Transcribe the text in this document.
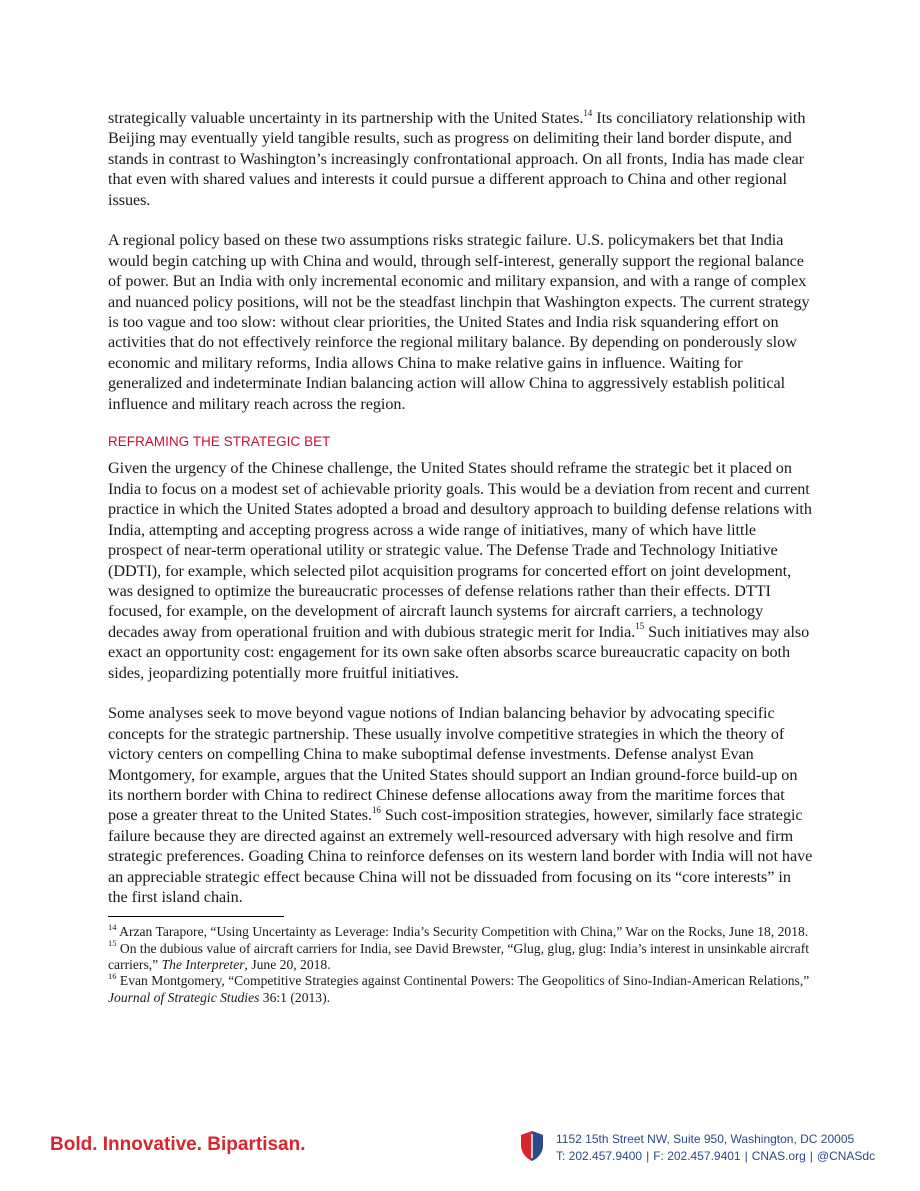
strategically valuable uncertainty in its partnership with the United States.$^{14}$ Its conciliatory relationship with Beijing may eventually yield tangible results, such as progress on delimiting their land border dispute, and stands in contrast to Washington’s increasingly confrontational approach. On all fronts, India has made clear that even with shared values and interests it could pursue a different approach to China and other regional issues.

A regional policy based on these two assumptions risks strategic failure. U.S. policymakers bet that India would begin catching up with China and would, through self-interest, generally support the regional balance of power. But an India with only incremental economic and military expansion, and with a range of complex and nuanced policy positions, will not be the steadfast linchpin that Washington expects. The current strategy is too vague and too slow: without clear priorities, the United States and India risk squandering effort on activities that do not effectively reinforce the regional military balance. By depending on ponderously slow economic and military reforms, India allows China to make relative gains in influence. Waiting for generalized and indeterminate Indian balancing action will allow China to aggressively establish political influence and military reach across the region.

REFRAMING THE STRATEGIC BET

Given the urgency of the Chinese challenge, the United States should reframe the strategic bet it placed on India to focus on a modest set of achievable priority goals. This would be a deviation from recent and current practice in which the United States adopted a broad and desultory approach to building defense relations with India, attempting and accepting progress across a wide range of initiatives, many of which have little prospect of near-term operational utility or strategic value. The Defense Trade and Technology Initiative (DDTI), for example, which selected pilot acquisition programs for concerted effort on joint development, was designed to optimize the bureaucratic processes of defense relations rather than their effects. DTTI focused, for example, on the development of aircraft launch systems for aircraft carriers, a technology decades away from operational fruition and with dubious strategic merit for India.$^{15}$ Such initiatives may also exact an opportunity cost: engagement for its own sake often absorbs scarce bureaucratic capacity on both sides, jeopardizing potentially more fruitful initiatives.

Some analyses seek to move beyond vague notions of Indian balancing behavior by advocating specific concepts for the strategic partnership. These usually involve competitive strategies in which the theory of victory centers on compelling China to make suboptimal defense investments. Defense analyst Evan Montgomery, for example, argues that the United States should support an Indian ground-force build-up on its northern border with China to redirect Chinese defense allocations away from the maritime forces that pose a greater threat to the United States.$^{16}$ Such cost-imposition strategies, however, similarly face strategic failure because they are directed against an extremely well-resourced adversary with high resolve and firm strategic preferences. Goading China to reinforce defenses on its western land border with India will not have an appreciable strategic effect because China will not be dissuaded from focusing on its “core interests” in the first island chain.

$^{14}$ Arzan Tarapore, “Using Uncertainty as Leverage: India’s Security Competition with China,” War on the Rocks, June 18, 2018.

$^{15}$ On the dubious value of aircraft carriers for India, see David Brewster, “Glug, glug, glug: India’s interest in unsinkable aircraft carriers,” The Interpreter, June 20, 2018.

$^{16}$ Evan Montgomery, “Competitive Strategies against Continental Powers: The Geopolitics of Sino-Indian-American Relations,” Journal of Strategic Studies 36:1 (2013).

Bold. Innovative. Bipartisan.	1152 15th Street NW, Suite 950, Washington, DC 20005
T: 202.457.9400 | F: 202.457.9401 | CNAS.org | @CNASdc
